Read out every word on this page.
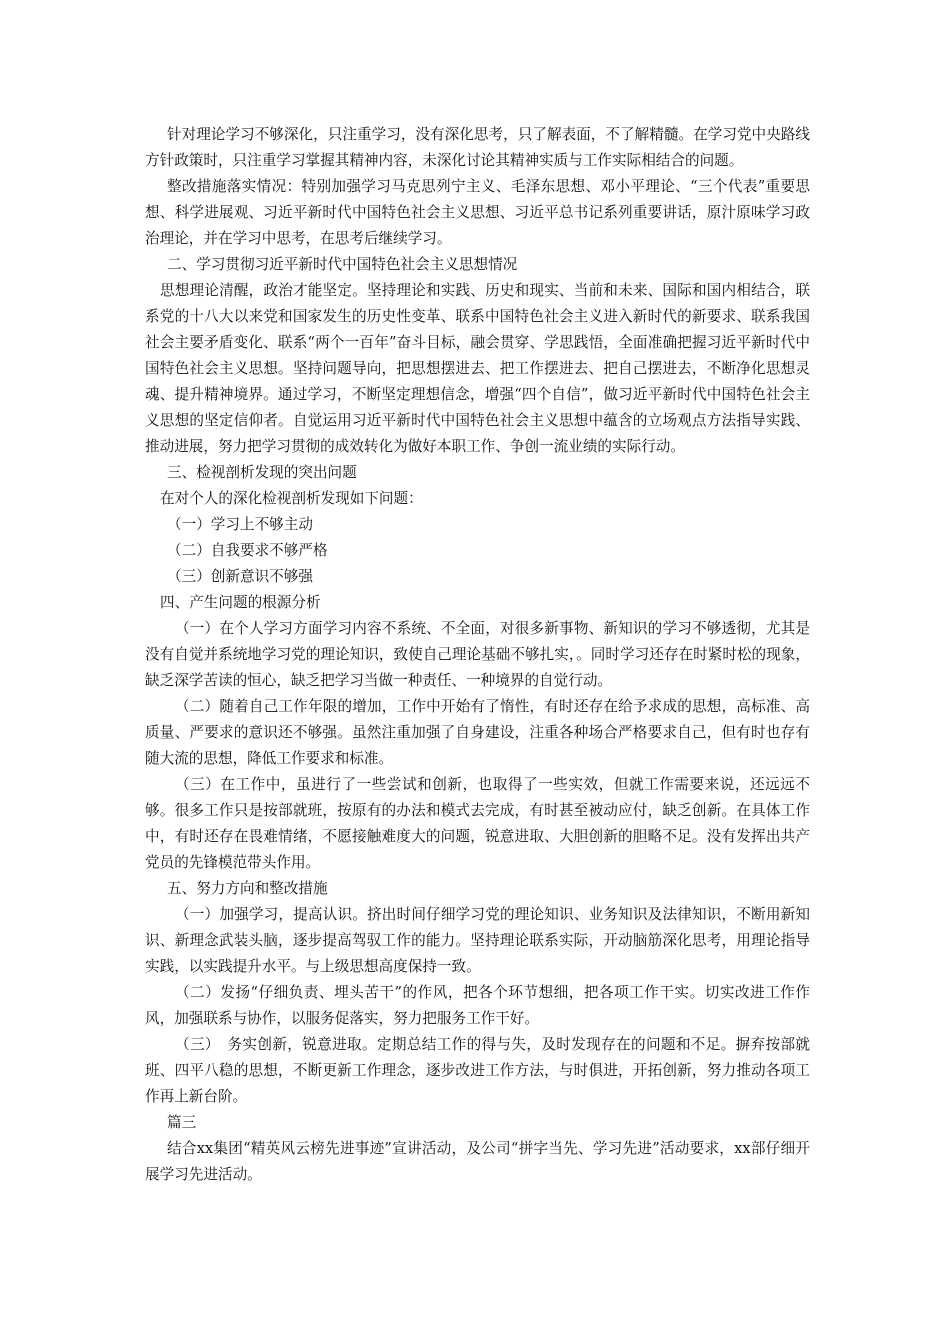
针对理论学习不够深化，只注重学习，没有深化思考，只了解表面，不了解精髓。在学习党中央路线方针政策时，只注重学习掌握其精神内容，未深化讨论其精神实质与工作实际相结合的问题。

整改措施落实情况：特别加强学习马克思列宁主义、毛泽东思想、邓小平理论、“三个代表”重要思想、科学进展观、习近平新时代中国特色社会主义思想、习近平总书记系列重要讲话，原汁原味学习政治理论，并在学习中思考，在思考后继续学习。

二、学习贯彻习近平新时代中国特色社会主义思想情况

思想理论清醒，政治才能坚定。坚持理论和实践、历史和现实、当前和未来、国际和国内相结合，联系党的十八大以来党和国家发生的历史性变革、联系中国特色社会主义进入新时代的新要求、联系我国社会主要矛盾变化、联系“两个一百年”奋斗目标，融会贯穿、学思践悟，全面准确把握习近平新时代中国特色社会主义思想。坚持问题导向，把思想摆进去、把工作摆进去、把自己摆进去，不断净化思想灵魂、提升精神境界。通过学习，不断坚定理想信念，增强“四个自信”，做习近平新时代中国特色社会主义思想的坚定信仰者。自觉运用习近平新时代中国特色社会主义思想中蕴含的立场观点方法指导实践、推动进展，努力把学习贯彻的成效转化为做好本职工作、争创一流业绩的实际行动。

三、检视剖析发现的突出问题

在对个人的深化检视剖析发现如下问题：

（一）学习上不够主动

（二）自我要求不够严格

（三）创新意识不够强

四、产生问题的根源分析

（一）在个人学习方面学习内容不系统、不全面，对很多新事物、新知识的学习不够透彻，尤其是没有自觉并系统地学习党的理论知识，致使自己理论基础不够扎实，。同时学习还存在时紧时松的现象，缺乏深学苦读的恒心，缺乏把学习当做一种责任、一种境界的自觉行动。

（二）随着自己工作年限的增加，工作中开始有了惰性，有时还存在给予求成的思想，高标准、高质量、严要求的意识还不够强。虽然注重加强了自身建设，注重各种场合严格要求自己，但有时也存有随大流的思想，降低工作要求和标准。

（三）在工作中，虽进行了一些尝试和创新，也取得了一些实效，但就工作需要来说，还远远不够。很多工作只是按部就班，按原有的办法和模式去完成，有时甚至被动应付，缺乏创新。在具体工作中，有时还存在畏难情绪，不愿接触难度大的问题，锐意进取、大胆创新的胆略不足。没有发挥出共产党员的先锋模范带头作用。

五、努力方向和整改措施

（一）加强学习，提高认识。挤出时间仔细学习党的理论知识、业务知识及法律知识，不断用新知识、新理念武装头脑，逐步提高驾驭工作的能力。坚持理论联系实际，开动脑筋深化思考，用理论指导实践，以实践提升水平。与上级思想高度保持一致。

（二）发扬“仔细负责、埋头苦干”的作风，把各个环节想细，把各项工作干实。切实改进工作作风，加强联系与协作，以服务促落实，努力把服务工作干好。

（三）　务实创新，锐意进取。定期总结工作的得与失，及时发现存在的问题和不足。摒弃按部就班、四平八稳的思想，不断更新工作理念，逐步改进工作方法，与时俱进，开拓创新，努力推动各项工作再上新台阶。

篇三

结合xx集团“精英风云榜先进事迹”宣讲活动，及公司“拼字当先、学习先进”活动要求，xx部仔细开展学习先进活动。
